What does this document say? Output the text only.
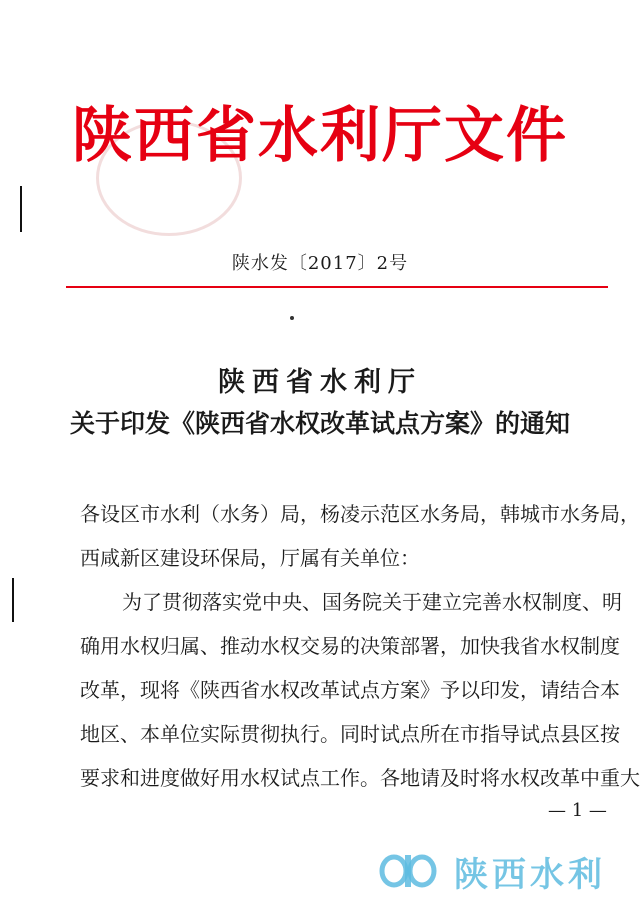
陕西省水利厅文件
陕水发〔2017〕2号
陕西省水利厅
关于印发《陕西省水权改革试点方案》的通知
各设区市水利（水务）局，杨凌示范区水务局，韩城市水务局，
西咸新区建设环保局，厅属有关单位：
为了贯彻落实党中央、国务院关于建立完善水权制度、明
确用水权归属、推动水权交易的决策部署，加快我省水权制度
改革，现将《陕西省水权改革试点方案》予以印发，请结合本
地区、本单位实际贯彻执行。同时试点所在市指导试点县区按
要求和进度做好用水权试点工作。各地请及时将水权改革中重大
— 1 —
陕西水利
